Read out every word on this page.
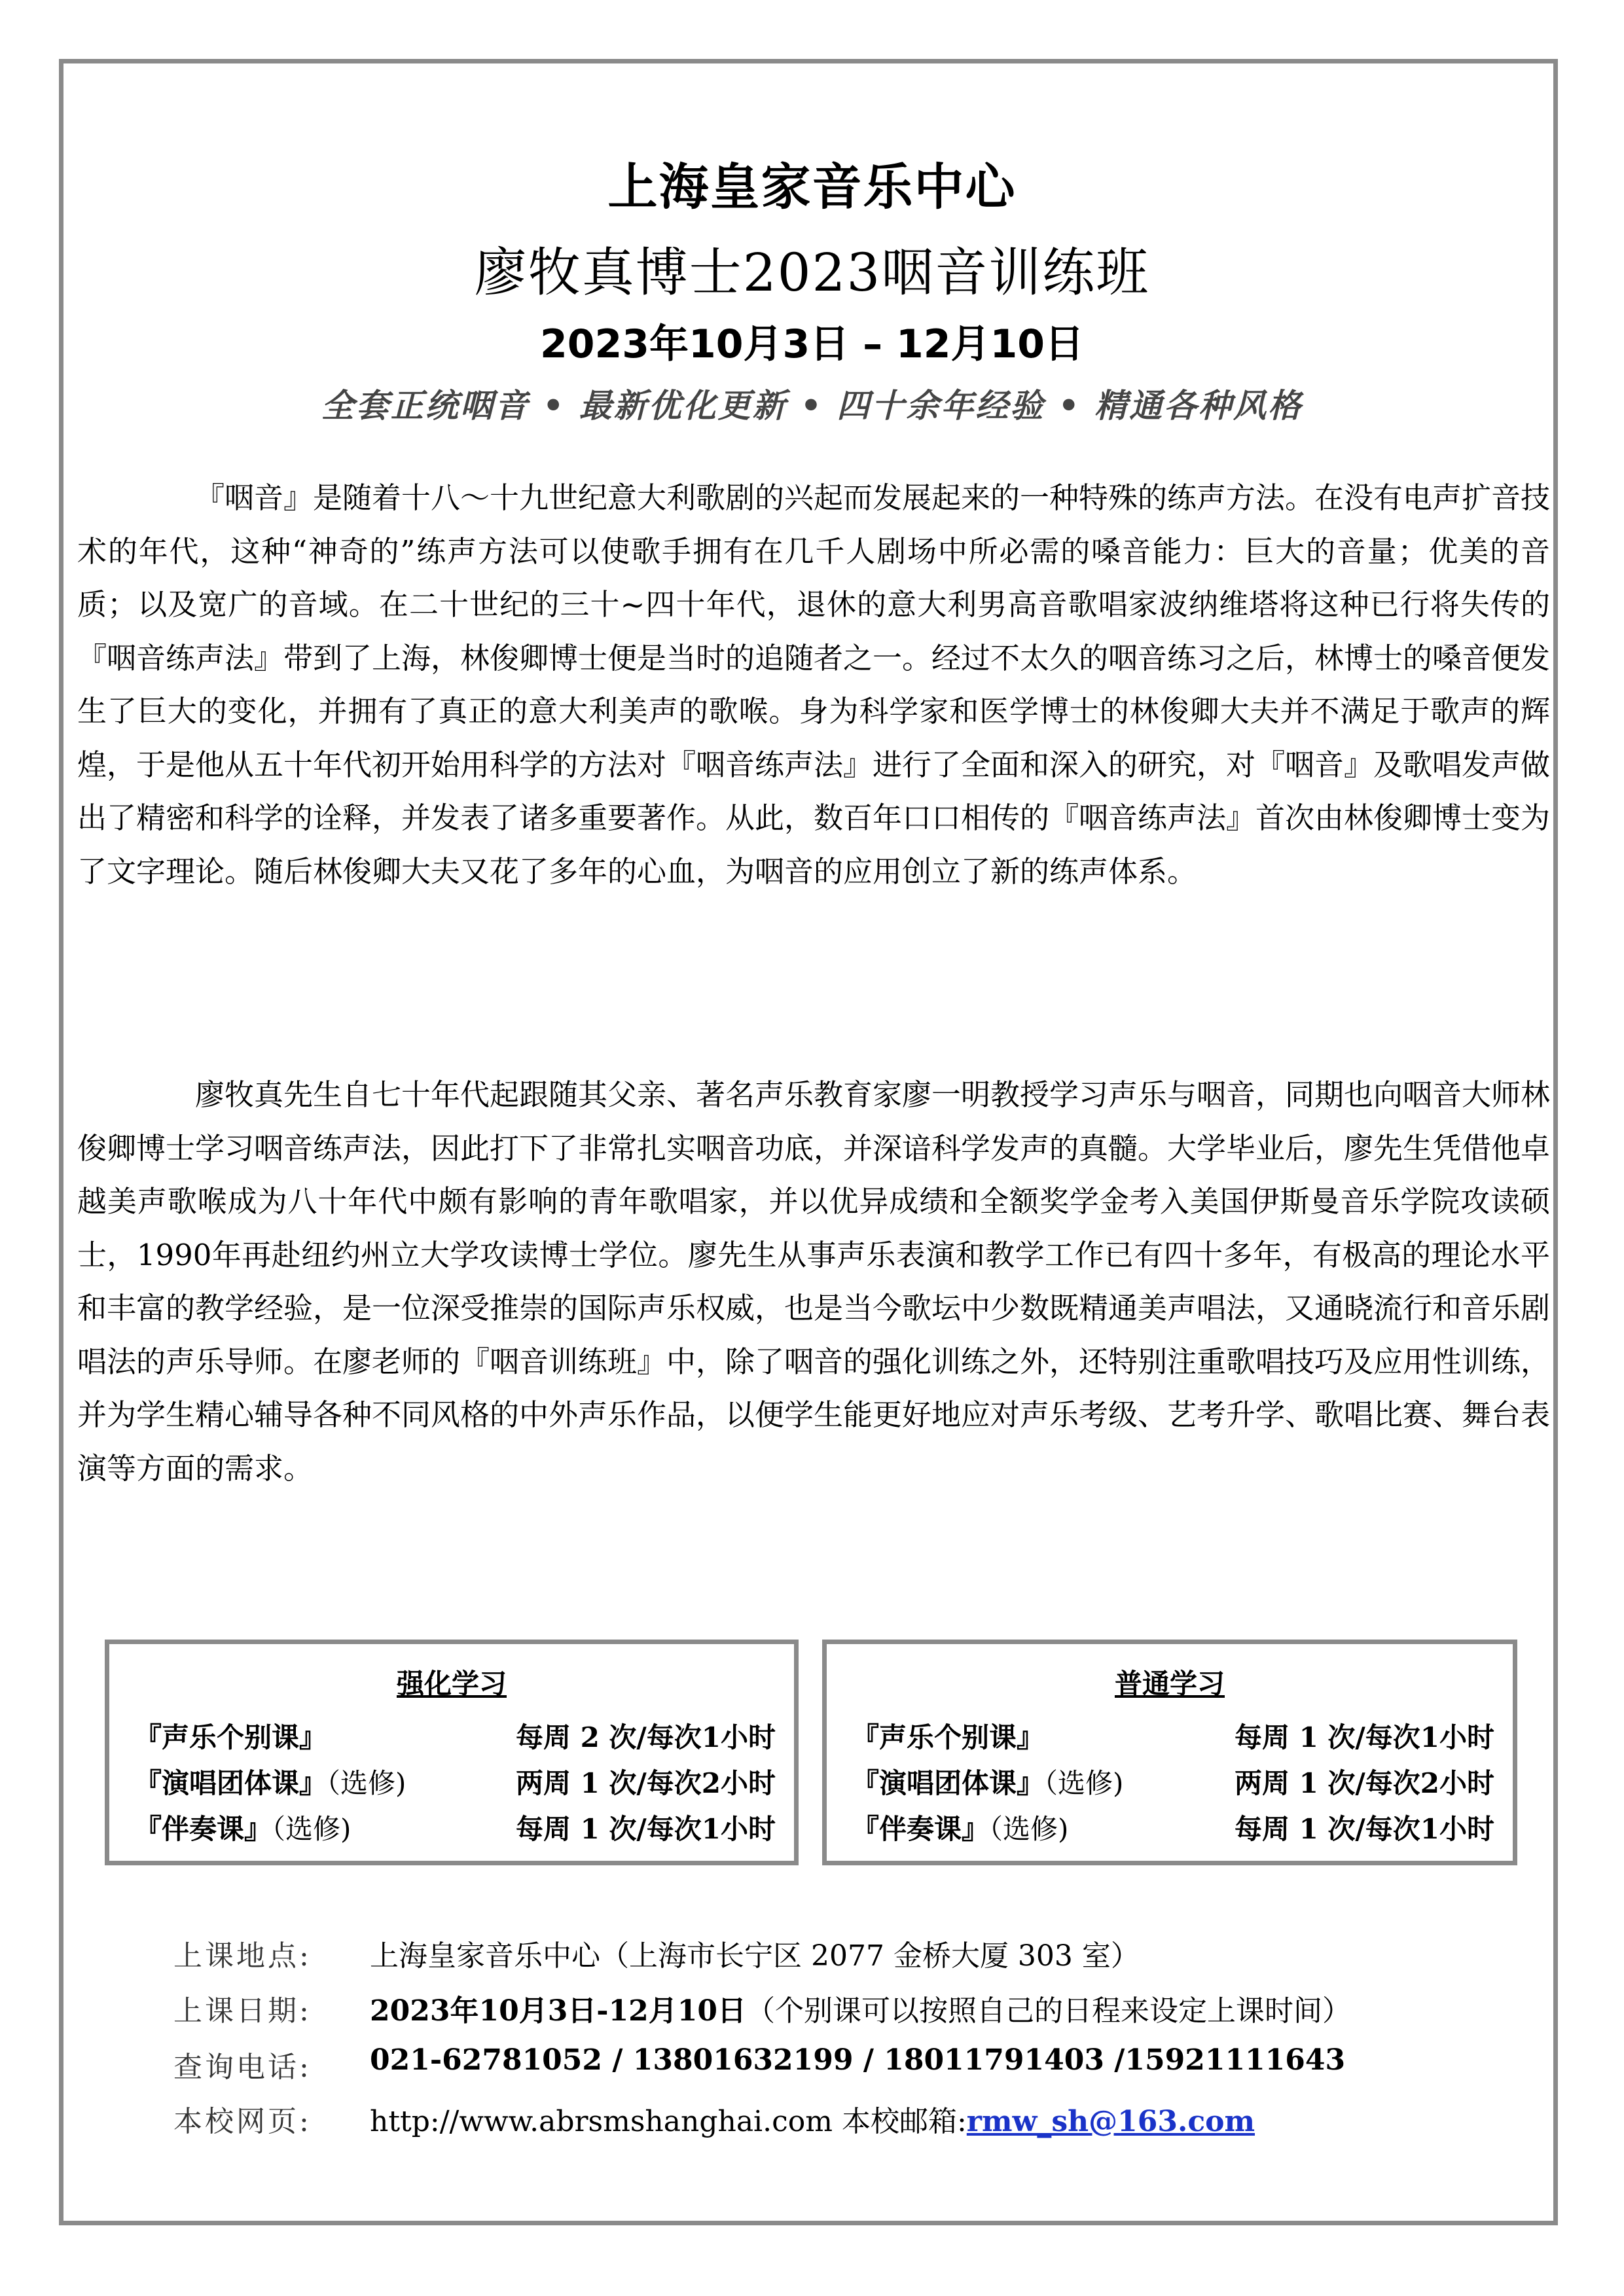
上海皇家音乐中心
廖牧真博士2023咽音训练班
2023年10月3日 – 12月10日
全套正统咽音 • 最新优化更新 • 四十余年经验 • 精通各种风格

『咽音』是随着十八～十九世纪意大利歌剧的兴起而发展起来的一种特殊的练声方法。在没有电声扩音技术的年代，这种“神奇的”练声方法可以使歌手拥有在几千人剧场中所必需的嗓音能力：巨大的音量；优美的音质；以及宽广的音域。在二十世纪的三十~四十年代，退休的意大利男高音歌唱家波纳维塔将这种已行将失传的『咽音练声法』带到了上海，林俊卿博士便是当时的追随者之一。经过不太久的咽音练习之后，林博士的嗓音便发生了巨大的变化，并拥有了真正的意大利美声的歌喉。身为科学家和医学博士的林俊卿大夫并不满足于歌声的辉煌，于是他从五十年代初开始用科学的方法对『咽音练声法』进行了全面和深入的研究，对『咽音』及歌唱发声做出了精密和科学的诠释，并发表了诸多重要著作。从此，数百年口口相传的『咽音练声法』首次由林俊卿博士变为了文字理论。随后林俊卿大夫又花了多年的心血，为咽音的应用创立了新的练声体系。

廖牧真先生自七十年代起跟随其父亲、著名声乐教育家廖一明教授学习声乐与咽音，同期也向咽音大师林俊卿博士学习咽音练声法，因此打下了非常扎实咽音功底，并深谙科学发声的真髓。大学毕业后，廖先生凭借他卓越美声歌喉成为八十年代中颇有影响的青年歌唱家，并以优异成绩和全额奖学金考入美国伊斯曼音乐学院攻读硕士，1990年再赴纽约州立大学攻读博士学位。廖先生从事声乐表演和教学工作已有四十多年，有极高的理论水平和丰富的教学经验，是一位深受推崇的国际声乐权威，也是当今歌坛中少数既精通美声唱法，又通晓流行和音乐剧唱法的声乐导师。在廖老师的『咽音训练班』中，除了咽音的强化训练之外，还特别注重歌唱技巧及应用性训练，并为学生精心辅导各种不同风格的中外声乐作品，以便学生能更好地应对声乐考级、艺考升学、歌唱比赛、舞台表演等方面的需求。

强化学习
『声乐个别课』	每周 2 次/每次1小时
『演唱团体课』（选修)	两周 1 次/每次2小时
『伴奏课』（选修)	每周 1 次/每次1小时
普通学习
『声乐个别课』	每周 1 次/每次1小时
『演唱团体课』（选修)	两周 1 次/每次2小时
『伴奏课』（选修)	每周 1 次/每次1小时
上课地点: 上海皇家音乐中心（上海市长宁区 2077 金桥大厦 303 室）
上课日期: 2023年10月3日-12月10日（个别课可以按照自己的日程来设定上课时间）
查询电话: 021-62781052 / 13801632199 / 18011791403 /15921111643
本校网页: http://www.abrsmshanghai.com 本校邮箱:rmw_sh@163.com
